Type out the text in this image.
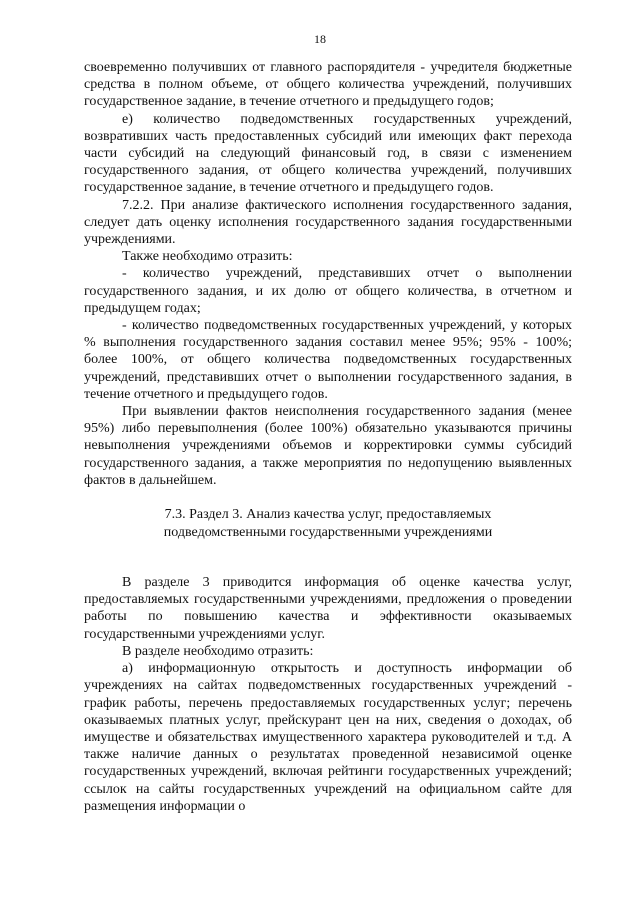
18

своевременно получивших от главного распорядителя - учредителя бюджетные средства в полном объеме, от общего количества учреждений, получивших государственное задание, в течение отчетного и предыдущего годов;

е) количество подведомственных государственных учреждений, возвративших часть предоставленных субсидий или имеющих факт перехода части субсидий на следующий финансовый год, в связи с изменением государственного задания, от общего количества учреждений, получивших государственное задание, в течение отчетного и предыдущего годов.

7.2.2. При анализе фактического исполнения государственного задания, следует дать оценку исполнения государственного задания государственными учреждениями.

Также необходимо отразить:

- количество учреждений, представивших отчет о выполнении государственного задания, и их долю от общего количества, в отчетном и предыдущем годах;

- количество подведомственных государственных учреждений, у которых % выполнения государственного задания составил менее 95%; 95% - 100%; более 100%, от общего количества подведомственных государственных учреждений, представивших отчет о выполнении государственного задания, в течение отчетного и предыдущего годов.

При выявлении фактов неисполнения государственного задания (менее 95%) либо перевыполнения (более 100%) обязательно указываются причины невыполнения учреждениями объемов и корректировки суммы субсидий государственного задания, а также мероприятия по недопущению выявленных фактов в дальнейшем.

7.3. Раздел 3. Анализ качества услуг, предоставляемых
подведомственными государственными учреждениями

В разделе 3 приводится информация об оценке качества услуг, предоставляемых государственными учреждениями, предложения о проведении работы по повышению качества и эффективности оказываемых государственными учреждениями услуг.

В разделе необходимо отразить:

а) информационную открытость и доступность информации об учреждениях на сайтах подведомственных государственных учреждений - график работы, перечень предоставляемых государственных услуг; перечень оказываемых платных услуг, прейскурант цен на них, сведения о доходах, об имуществе и обязательствах имущественного характера руководителей и т.д. А также наличие данных о результатах проведенной независимой оценке государственных учреждений, включая рейтинги государственных учреждений; ссылок на сайты государственных учреждений на официальном сайте для размещения информации о
